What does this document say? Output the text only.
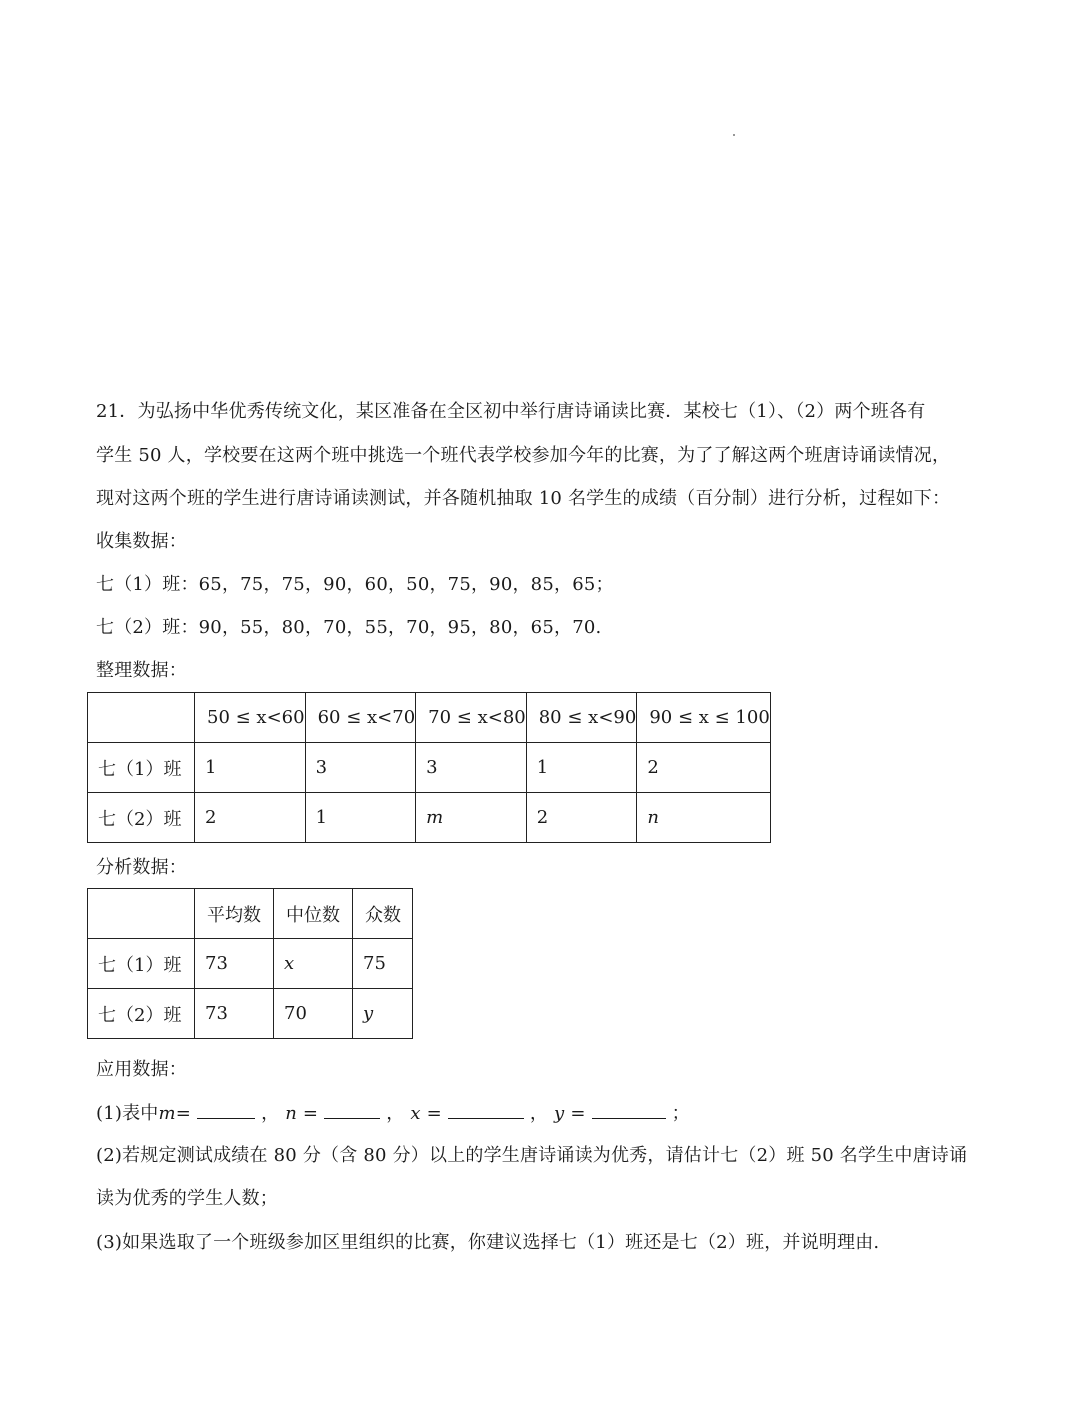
21．为弘扬中华优秀传统文化，某区准备在全区初中举行唐诗诵读比赛．某校七（1）、（2）两个班各有
学生 50 人，学校要在这两个班中挑选一个班代表学校参加今年的比赛，为了了解这两个班唐诗诵读情况，
现对这两个班的学生进行唐诗诵读测试，并各随机抽取 10 名学生的成绩（百分制）进行分析，过程如下：
收集数据：
七（1）班：65，75，75，90，60，50，75，90，85，65；
七（2）班：90，55，80，70，55，70，95，80，65，70.
整理数据：
	50 ≤ x<60	60 ≤ x<70	70 ≤ x<80	80 ≤ x<90	90 ≤ x ≤ 100
七（1）班	1	3	3	1	2
七（2）班	2	1	m	2	n
分析数据：
	平均数	中位数	众数
七（1）班	73	x	75
七（2）班	73	70	y
应用数据：
(1)表中m=	， n =	， x =	， y =	；
(2)若规定测试成绩在 80 分（含 80 分）以上的学生唐诗诵读为优秀，请估计七（2）班 50 名学生中唐诗诵
读为优秀的学生人数；
(3)如果选取了一个班级参加区里组织的比赛，你建议选择七（1）班还是七（2）班，并说明理由.
